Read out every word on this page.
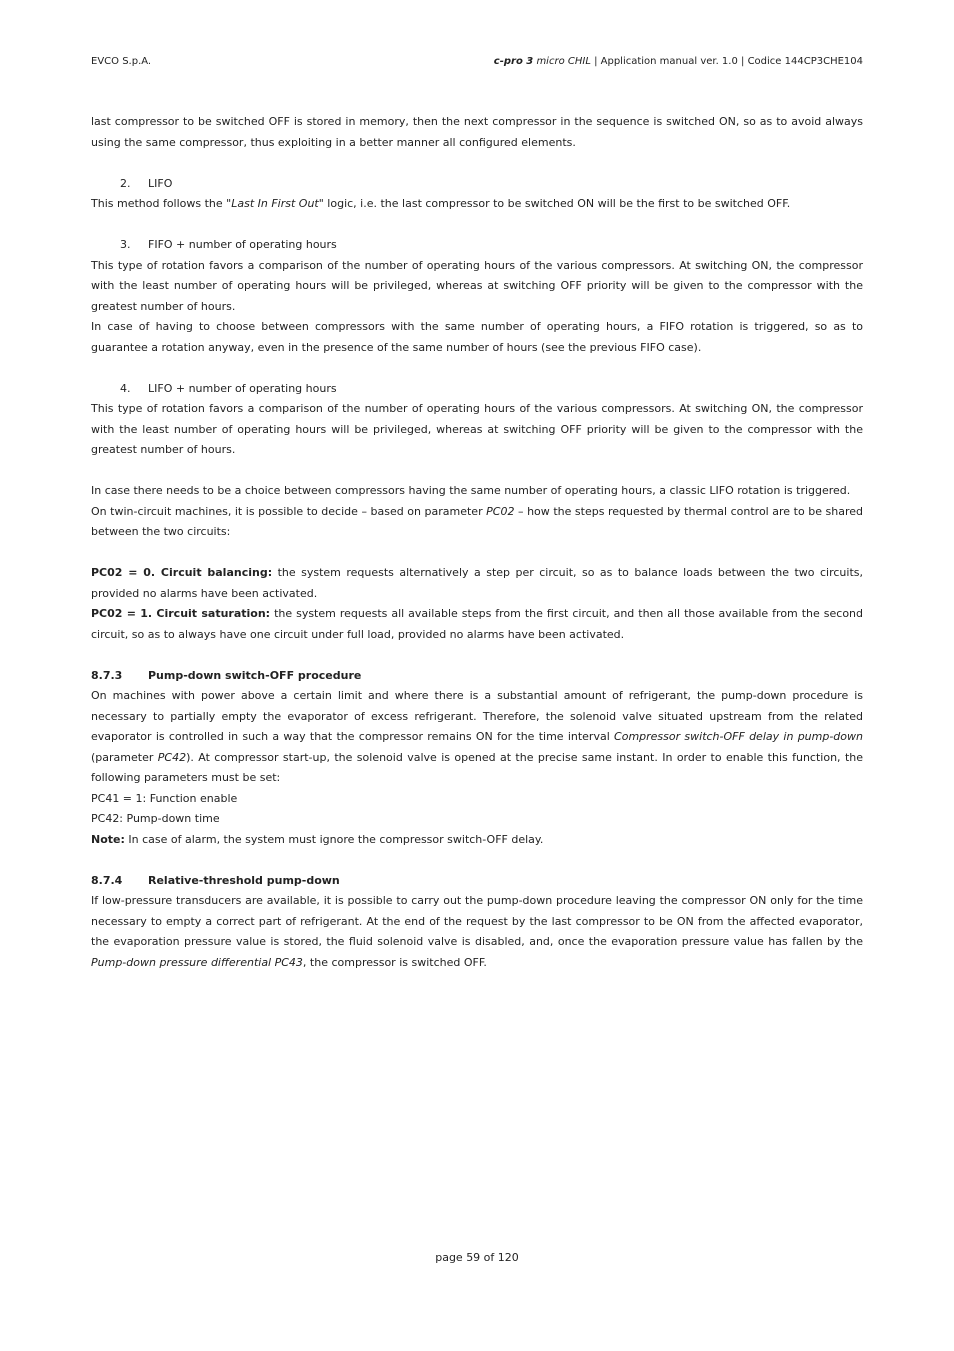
EVCO S.p.A.	c-pro 3 micro CHIL | Application manual ver. 1.0 | Codice 144CP3CHE104

last compressor to be switched OFF is stored in memory, then the next compressor in the sequence is switched ON, so as to avoid always using the same compressor, thus exploiting in a better manner all configured elements.

2. LIFO

This method follows the "Last In First Out" logic, i.e. the last compressor to be switched ON will be the first to be switched OFF.

3. FIFO + number of operating hours

This type of rotation favors a comparison of the number of operating hours of the various compressors. At switching ON, the compressor with the least number of operating hours will be privileged, whereas at switching OFF priority will be given to the compressor with the greatest number of hours.

In case of having to choose between compressors with the same number of operating hours, a FIFO rotation is triggered, so as to guarantee a rotation anyway, even in the presence of the same number of hours (see the previous FIFO case).

4. LIFO + number of operating hours

This type of rotation favors a comparison of the number of operating hours of the various compressors. At switching ON, the compressor with the least number of operating hours will be privileged, whereas at switching OFF priority will be given to the compressor with the greatest number of hours.

In case there needs to be a choice between compressors having the same number of operating hours, a classic LIFO rotation is triggered.

On twin-circuit machines, it is possible to decide – based on parameter PC02 – how the steps requested by thermal control are to be shared between the two circuits:

PC02 = 0. Circuit balancing: the system requests alternatively a step per circuit, so as to balance loads between the two circuits, provided no alarms have been activated.

PC02 = 1. Circuit saturation: the system requests all available steps from the first circuit, and then all those available from the second circuit, so as to always have one circuit under full load, provided no alarms have been activated.

8.7.3 Pump-down switch-OFF procedure

On machines with power above a certain limit and where there is a substantial amount of refrigerant, the pump-down procedure is necessary to partially empty the evaporator of excess refrigerant. Therefore, the solenoid valve situated upstream from the related evaporator is controlled in such a way that the compressor remains ON for the time interval Compressor switch-OFF delay in pump-down (parameter PC42). At compressor start-up, the solenoid valve is opened at the precise same instant. In order to enable this function, the following parameters must be set:

PC41 = 1: Function enable

PC42: Pump-down time

Note: In case of alarm, the system must ignore the compressor switch-OFF delay.

8.7.4 Relative-threshold pump-down

If low-pressure transducers are available, it is possible to carry out the pump-down procedure leaving the compressor ON only for the time necessary to empty a correct part of refrigerant. At the end of the request by the last compressor to be ON from the affected evaporator, the evaporation pressure value is stored, the fluid solenoid valve is disabled, and, once the evaporation pressure value has fallen by the Pump-down pressure differential PC43, the compressor is switched OFF.

page 59 of 120
